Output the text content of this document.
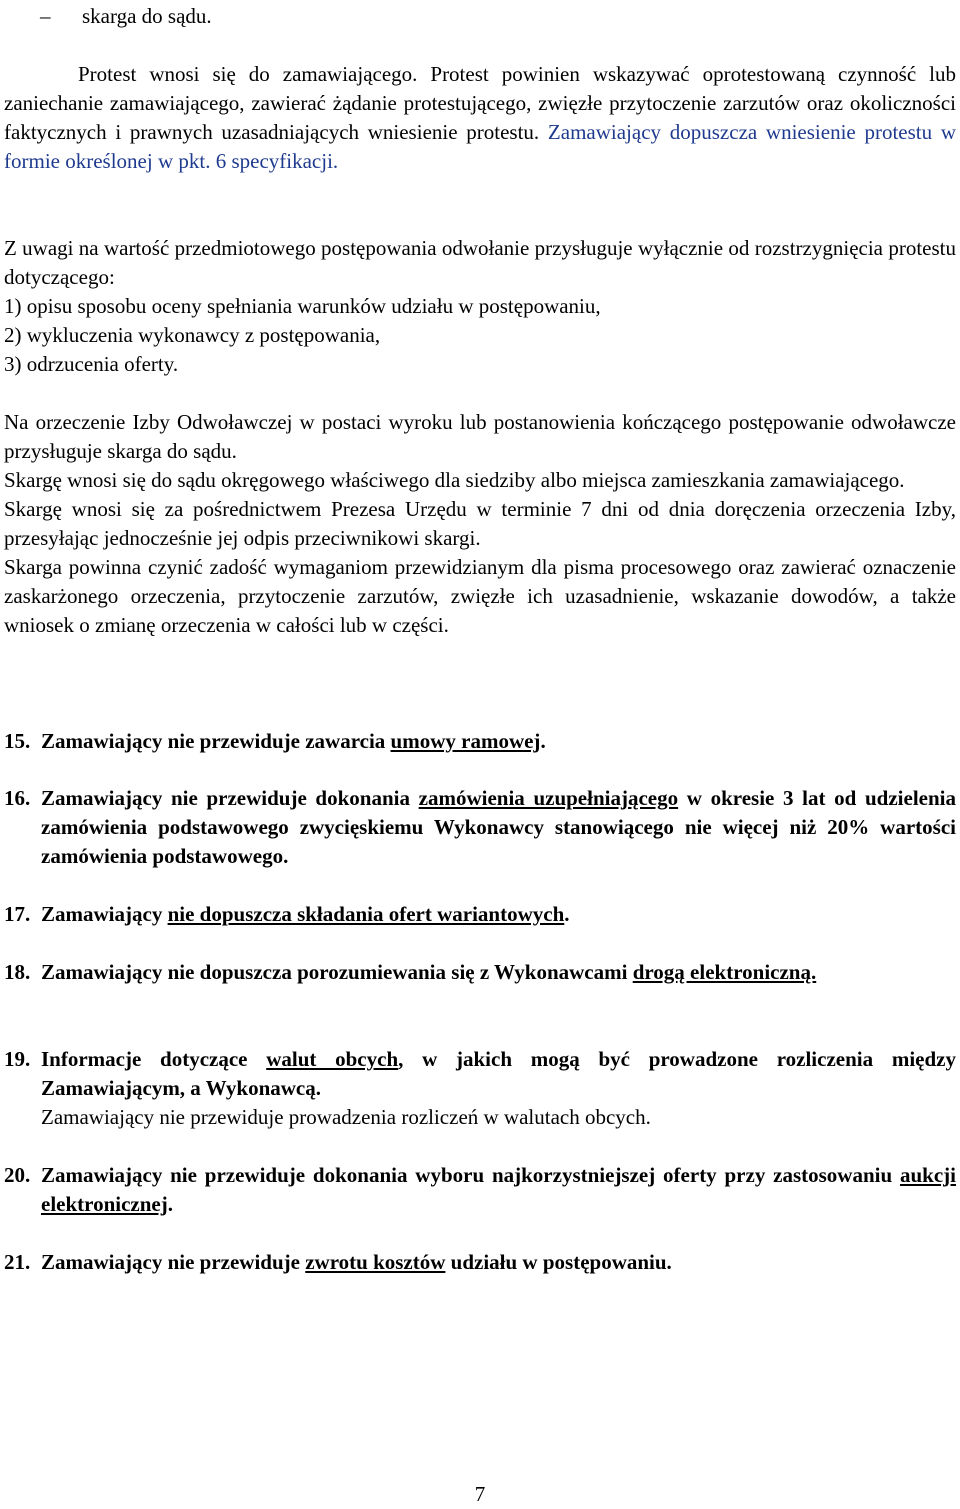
– skarga do sądu.

Protest wnosi się do zamawiającego. Protest powinien wskazywać oprotestowaną czynność lub zaniechanie zamawiającego, zawierać żądanie protestującego, zwięzłe przytoczenie zarzutów oraz okoliczności faktycznych i prawnych uzasadniających wniesienie protestu. Zamawiający dopuszcza wniesienie protestu w formie określonej w pkt. 6 specyfikacji.

Z uwagi na wartość przedmiotowego postępowania odwołanie przysługuje wyłącznie od rozstrzygnięcia protestu dotyczącego:

1) opisu sposobu oceny spełniania warunków udziału w postępowaniu,

2) wykluczenia wykonawcy z postępowania,

3) odrzucenia oferty.

Na orzeczenie Izby Odwoławczej w postaci wyroku lub postanowienia kończącego postępowanie odwoławcze przysługuje skarga do sądu.

Skargę wnosi się do sądu okręgowego właściwego dla siedziby albo miejsca zamieszkania zamawiającego.

Skargę wnosi się za pośrednictwem Prezesa Urzędu w terminie 7 dni od dnia doręczenia orzeczenia Izby, przesyłając jednocześnie jej odpis przeciwnikowi skargi.

Skarga powinna czynić zadość wymaganiom przewidzianym dla pisma procesowego oraz zawierać oznaczenie zaskarżonego orzeczenia, przytoczenie zarzutów, zwięzłe ich uzasadnienie, wskazanie dowodów, a także wniosek o zmianę orzeczenia w całości lub w części.

15. Zamawiający nie przewiduje zawarcia umowy ramowej.

16. Zamawiający nie przewiduje dokonania zamówienia uzupełniającego w okresie 3 lat od udzielenia zamówienia podstawowego zwycięskiemu Wykonawcy stanowiącego nie więcej niż 20% wartości zamówienia podstawowego.

17. Zamawiający nie dopuszcza składania ofert wariantowych.

18. Zamawiający nie dopuszcza porozumiewania się z Wykonawcami drogą elektroniczną.

19. Informacje dotyczące walut obcych, w jakich mogą być prowadzone rozliczenia między Zamawiającym, a Wykonawcą.

Zamawiający nie przewiduje prowadzenia rozliczeń w walutach obcych.

20. Zamawiający nie przewiduje dokonania wyboru najkorzystniejszej oferty przy zastosowaniu aukcji elektronicznej.

21. Zamawiający nie przewiduje zwrotu kosztów udziału w postępowaniu.

7
